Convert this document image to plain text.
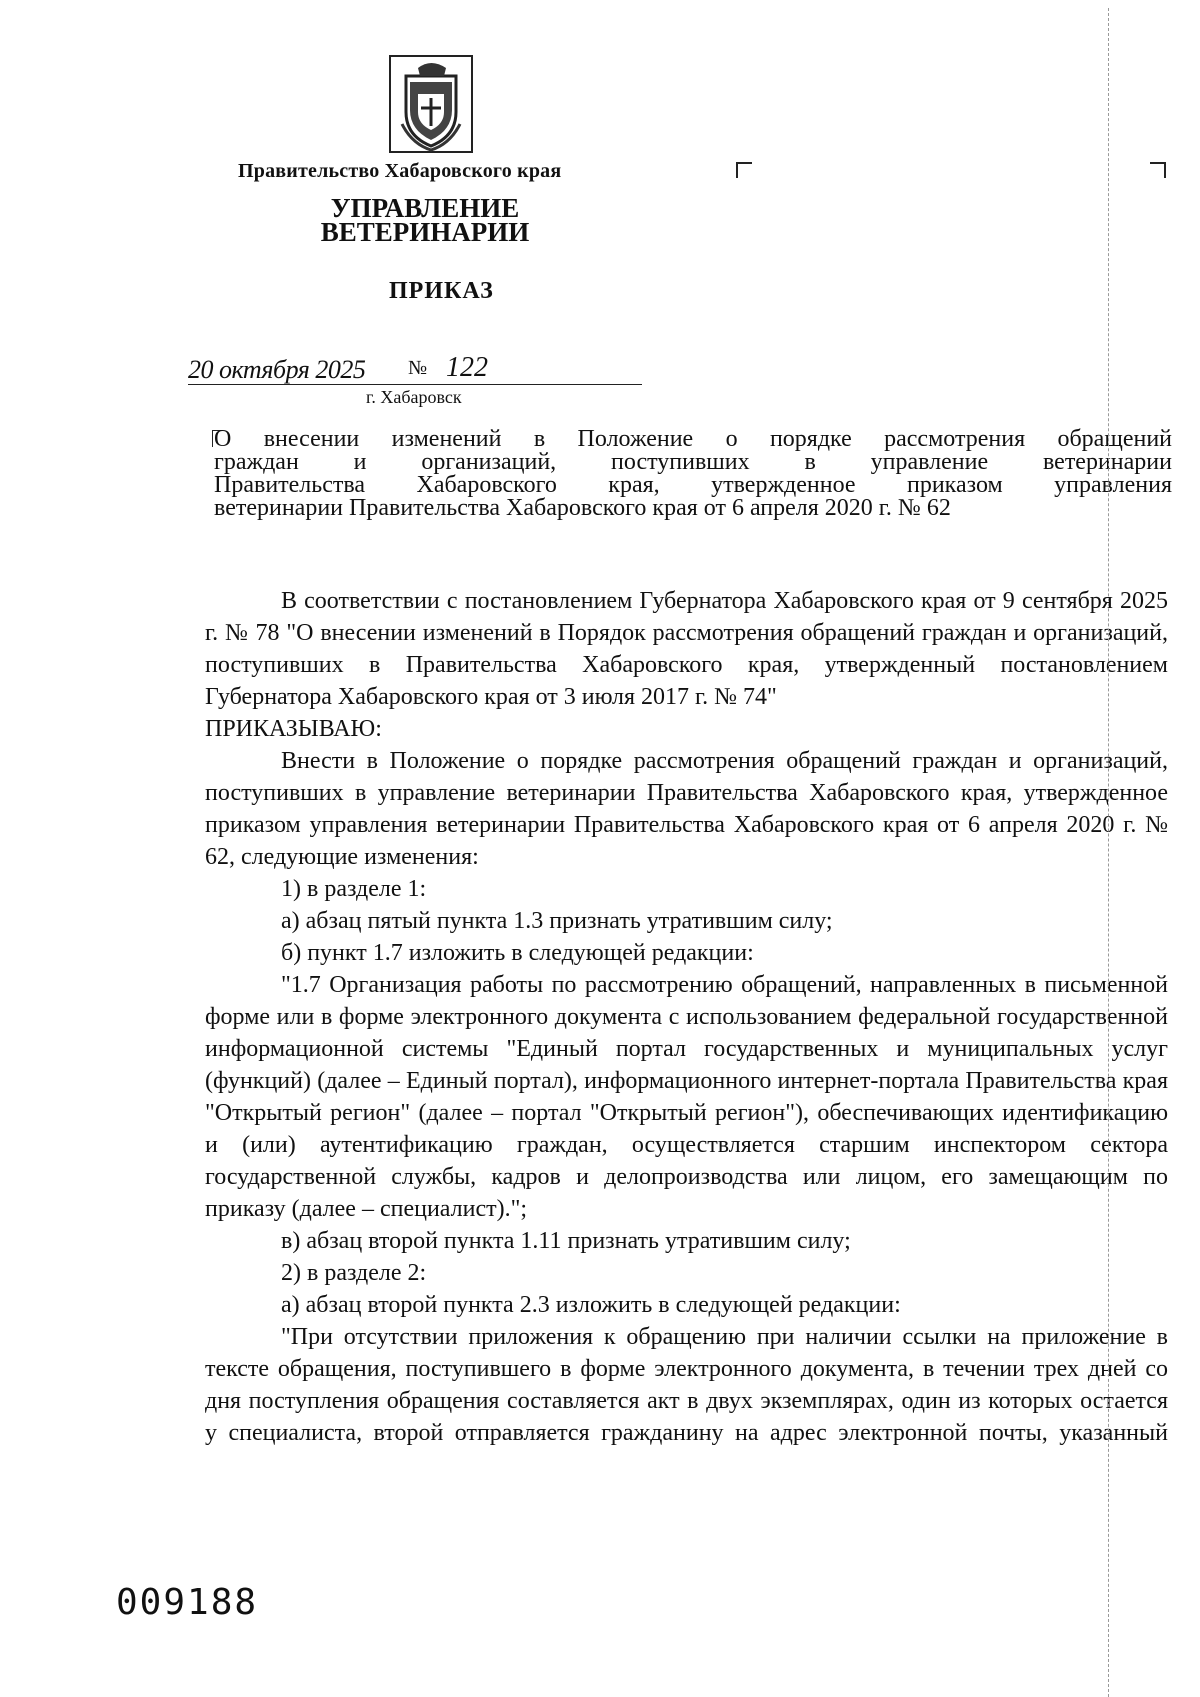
Правительство Хабаровского края
УПРАВЛЕНИЕ
ВЕТЕРИНАРИИ
ПРИКАЗ
20 октября 2025 № 122
г. Хабаровск

О внесении изменений в Положение о порядке рассмотрения обращений

граждан и организаций, поступивших в управление ветеринарии

Правительства Хабаровского края, утвержденное приказом управления

ветеринарии Правительства Хабаровского края от 6 апреля 2020 г. № 62

В соответствии с постановлением Губернатора Хабаровского края от 9 сентября 2025 г. № 78 "О внесении изменений в Порядок рассмотрения обращений граждан и организаций, поступивших в Правительства Хабаровского края, утвержденный постановлением Губернатора Хабаровского края от 3 июля 2017 г. № 74"

ПРИКАЗЫВАЮ:

Внести в Положение о порядке рассмотрения обращений граждан и организаций, поступивших в управление ветеринарии Правительства Хабаровского края, утвержденное приказом управления ветеринарии Правительства Хабаровского края от 6 апреля 2020 г. № 62, следующие изменения:

1) в разделе 1:

а) абзац пятый пункта 1.3 признать утратившим силу;

б) пункт 1.7 изложить в следующей редакции:

"1.7 Организация работы по рассмотрению обращений, направленных в письменной форме или в форме электронного документа с использованием федеральной государственной информационной системы "Единый портал государственных и муниципальных услуг (функций) (далее – Единый портал), информационного интернет-портала Правительства края "Открытый регион" (далее – портал "Открытый регион"), обеспечивающих идентификацию и (или) аутентификацию граждан, осуществляется старшим инспектором сектора государственной службы, кадров и делопроизводства или лицом, его замещающим по приказу (далее – специалист).";

в) абзац второй пункта 1.11 признать утратившим силу;

2) в разделе 2:

а) абзац второй пункта 2.3 изложить в следующей редакции:

"При отсутствии приложения к обращению при наличии ссылки на приложение в тексте обращения, поступившего в форме электронного документа, в течении трех дней со дня поступления обращения составляется акт в двух экземплярах, один из которых остается у специалиста, второй отправляется гражданину на адрес электронной почты, указанный

009188
